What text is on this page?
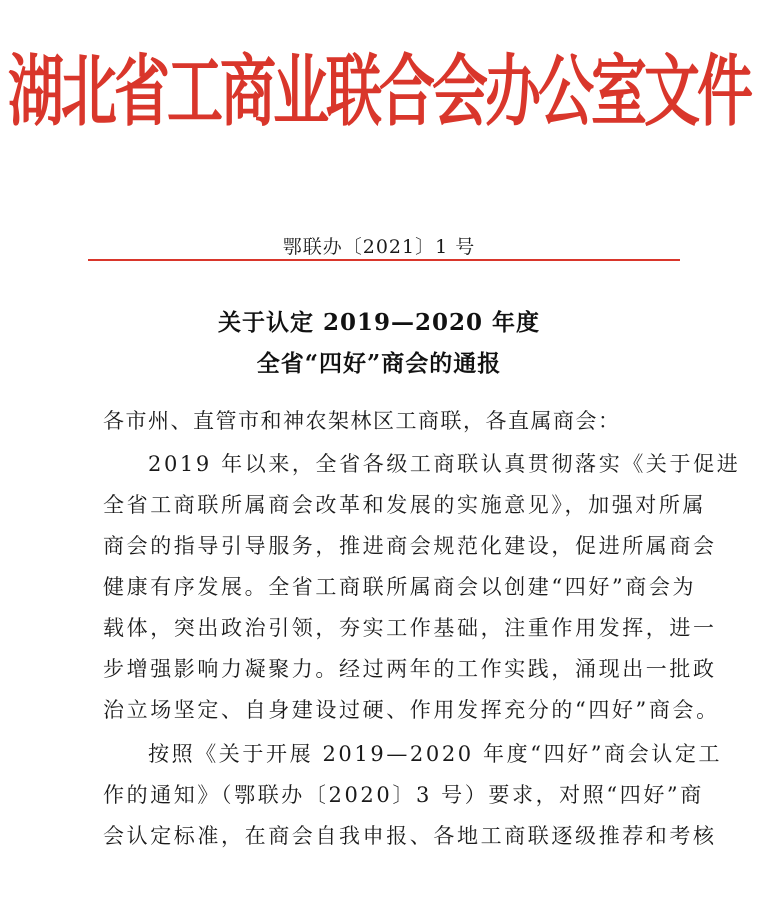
湖北省工商业联合会办公室文件
鄂联办〔2021〕1 号
关于认定 2019—2020 年度
全省“四好”商会的通报
各市州、直管市和神农架林区工商联，各直属商会：
2019 年以来，全省各级工商联认真贯彻落实《关于促进
全省工商联所属商会改革和发展的实施意见》，加强对所属
商会的指导引导服务，推进商会规范化建设，促进所属商会
健康有序发展。全省工商联所属商会以创建“四好”商会为
载体，突出政治引领，夯实工作基础，注重作用发挥，进一
步增强影响力凝聚力。经过两年的工作实践，涌现出一批政
治立场坚定、自身建设过硬、作用发挥充分的“四好”商会。
按照《关于开展 2019—2020 年度“四好”商会认定工
作的通知》（鄂联办〔2020〕3 号）要求，对照“四好”商
会认定标准，在商会自我申报、各地工商联逐级推荐和考核
